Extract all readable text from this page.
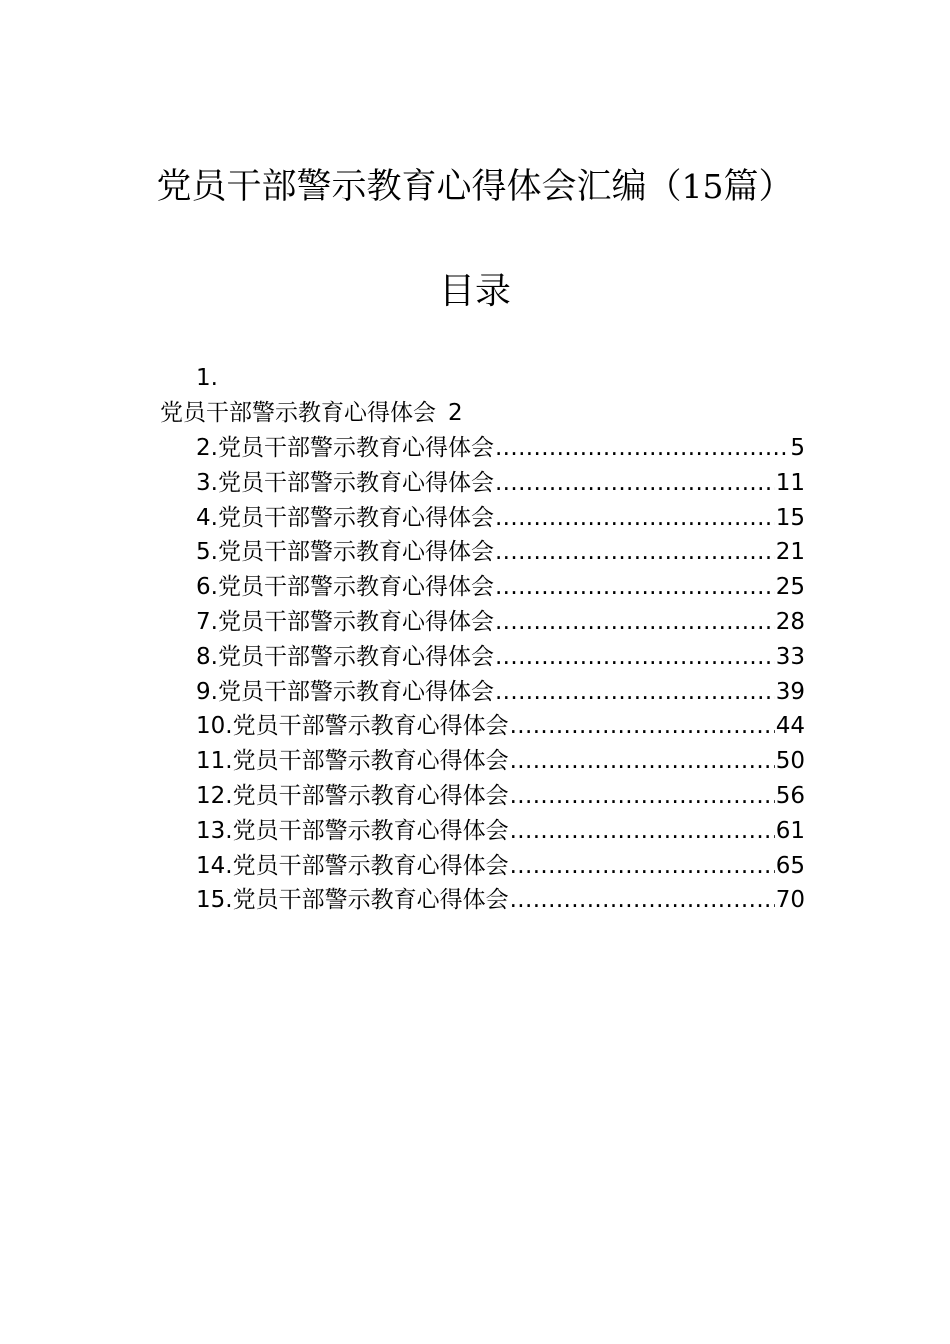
党员干部警示教育心得体会汇编（15篇）
目录
1.
党员干部警示教育心得体会 2
2.党员干部警示教育心得体会 .....	5
3.党员干部警示教育心得体会 .....	11
4.党员干部警示教育心得体会 .....	15
5.党员干部警示教育心得体会 .....	21
6.党员干部警示教育心得体会 .....	25
7.党员干部警示教育心得体会 .....	28
8.党员干部警示教育心得体会 .....	33
9.党员干部警示教育心得体会 .....	39
10.党员干部警示教育心得体会 .....	44
11.党员干部警示教育心得体会 .....	50
12.党员干部警示教育心得体会 .....	56
13.党员干部警示教育心得体会 .....	61
14.党员干部警示教育心得体会 .....	65
15.党员干部警示教育心得体会 .....	70
